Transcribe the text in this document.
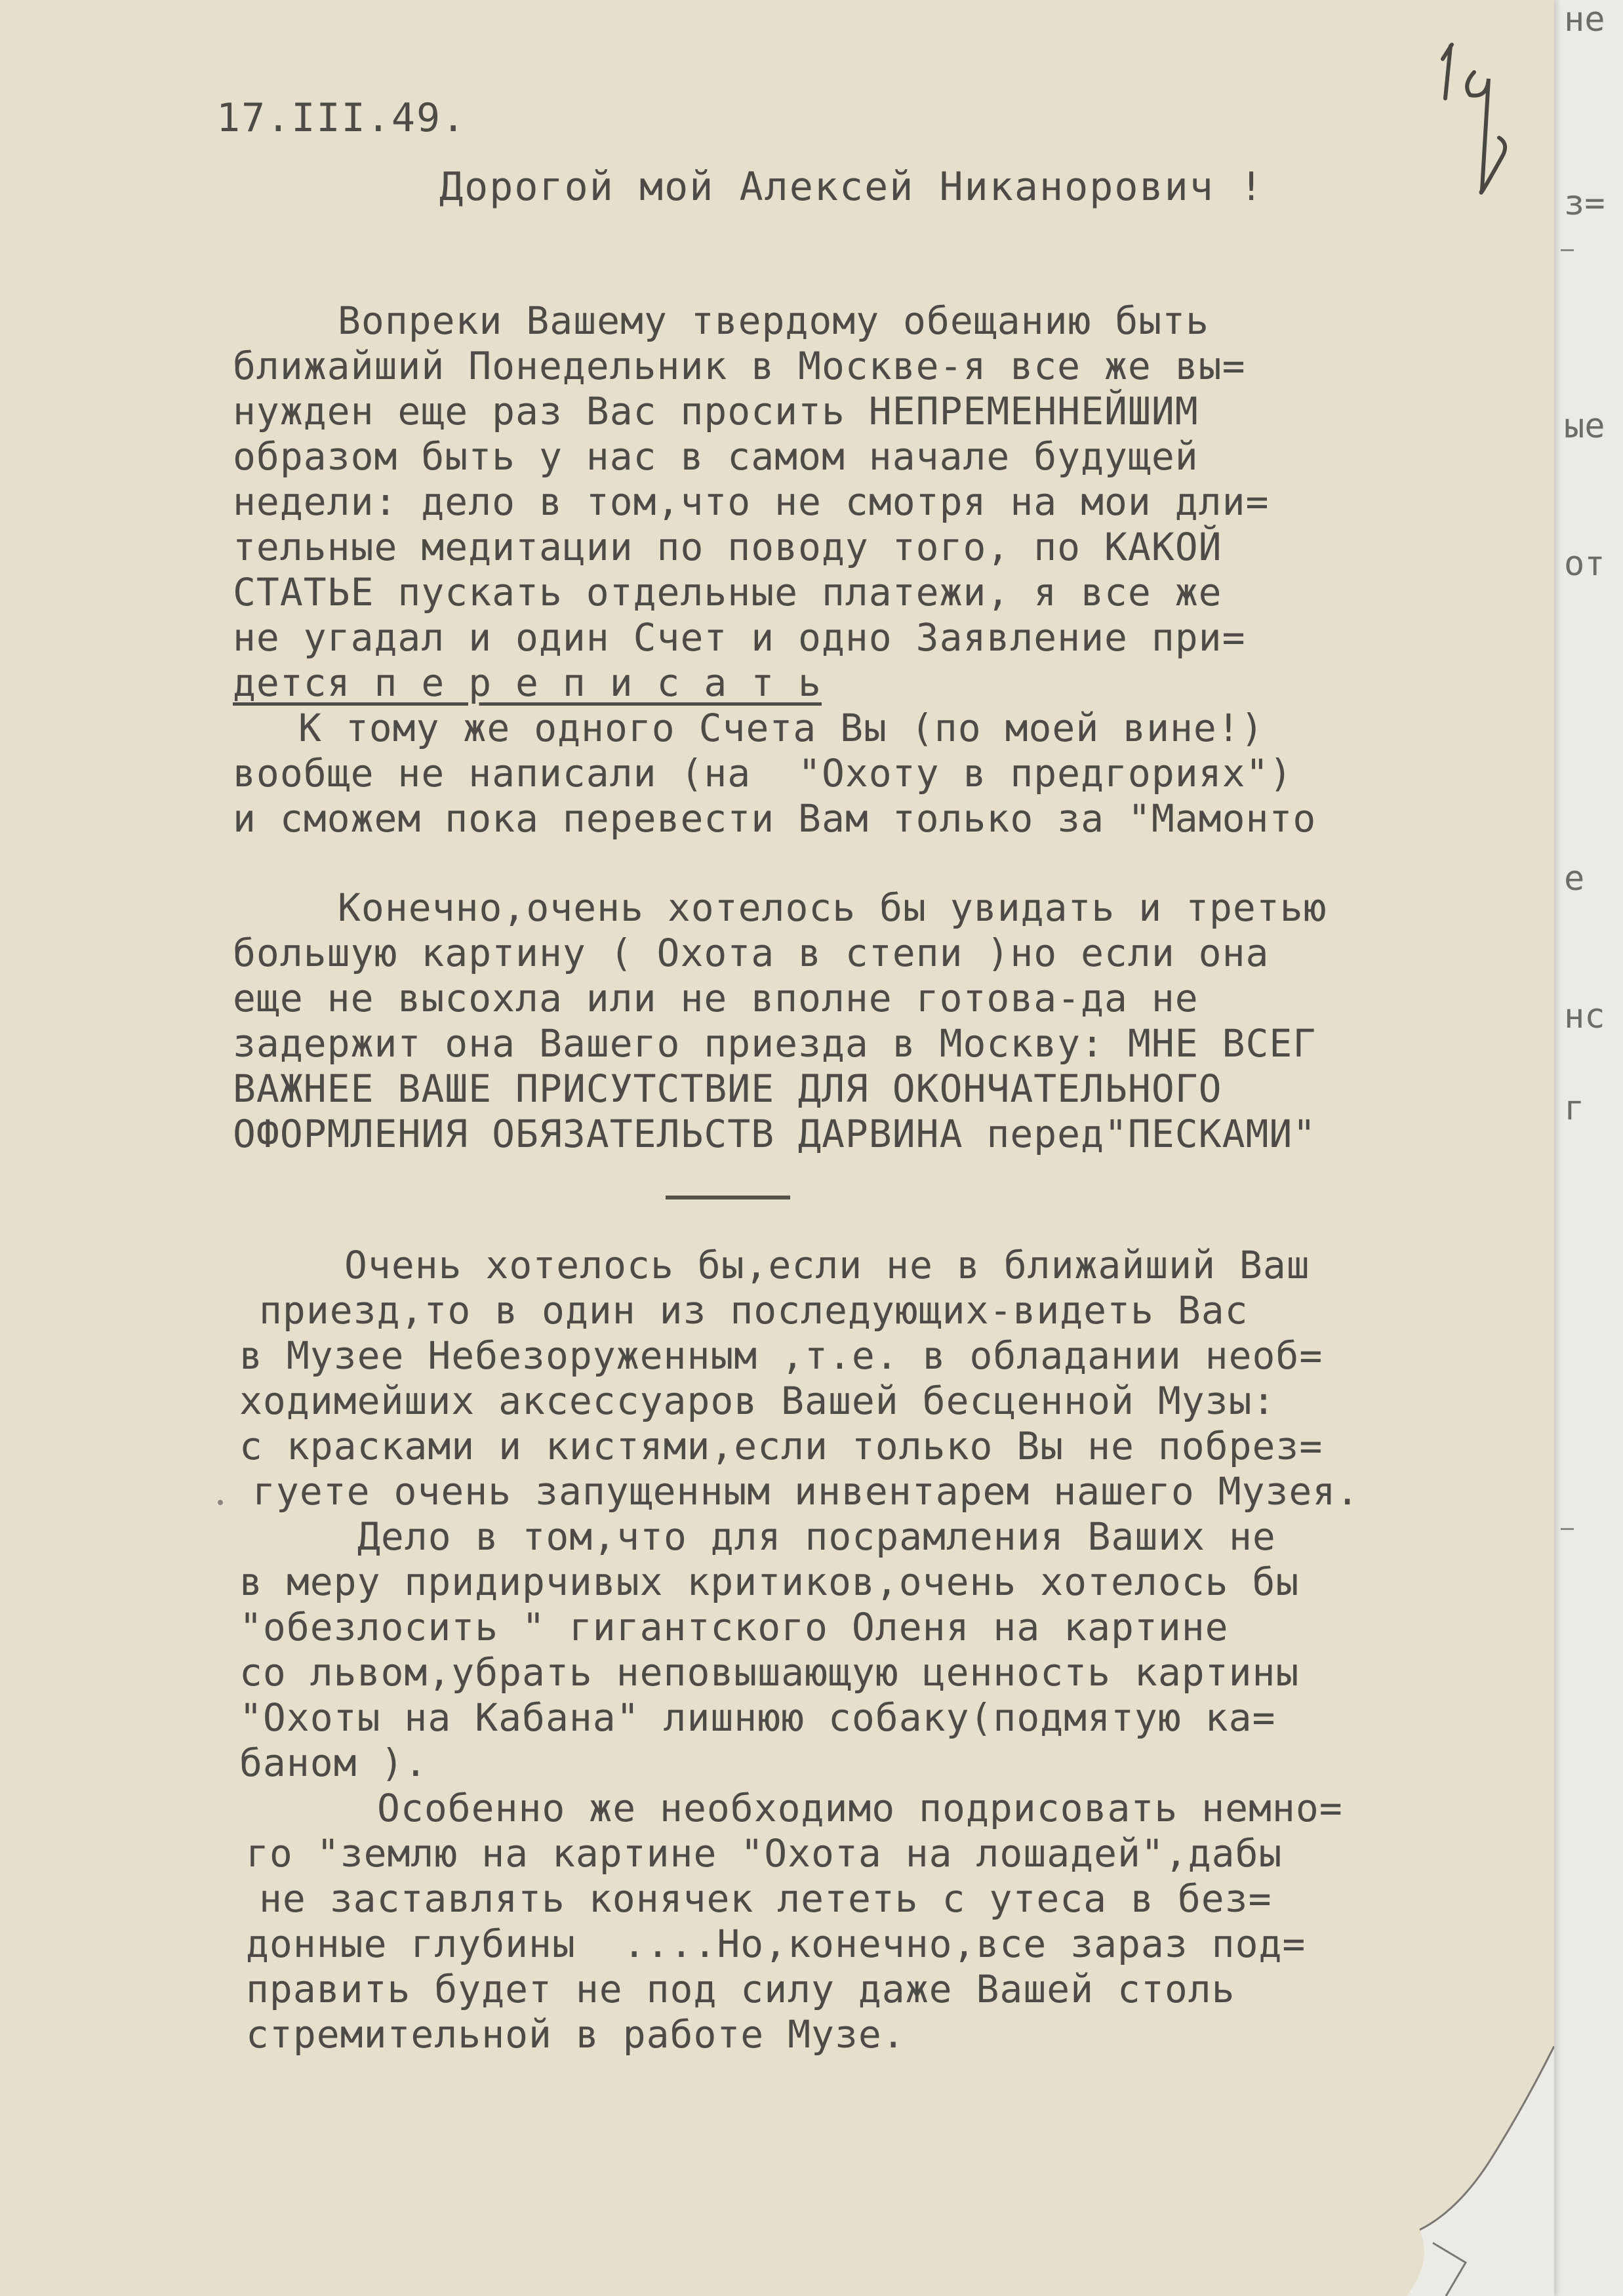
не
з=
ые
от
е
нс
г
17.III.49.
Дорогой мой Алексей Никанорович !
Вопреки Вашему твердому обещанию быть
ближайший Понедельник в Москве-я все же вы=
нужден еще раз Вас просить НЕПРЕМЕННЕЙШИМ
образом быть у нас в самом начале будущей
недели: дело в том,что не смотря на мои дли=
тельные медитации по поводу того, по КАКОЙ
СТАТЬЕ пускать отдельные платежи, я все же
не угадал и один Счет и одно Заявление при=
дется п е р е п и с а т ь
К тому же одного Счета Вы (по моей вине!)
вообще не написали (на  "Охоту в предгориях")
и сможем пока перевести Вам только за "Мамонто
Конечно,очень хотелось бы увидать и третью
большую картину ( Охота в степи )но если она
еще не высохла или не вполне готова-да не
задержит она Вашего приезда в Москву: МНЕ ВСЕГ
ВАЖНЕЕ ВАШЕ ПРИСУТСТВИЕ ДЛЯ ОКОНЧАТЕЛЬНОГО
ОФОРМЛЕНИЯ ОБЯЗАТЕЛЬСТВ ДАРВИНА перед"ПЕСКАМИ"
Очень хотелось бы,если не в ближайший Ваш
приезд,то в один из последующих-видеть Вас
в Музее Небезоруженным ,т.е. в обладании необ=
ходимейших аксессуаров Вашей бесценной Музы:
с красками и кистями,если только Вы не побрез=
гуете очень запущенным инвентарем нашего Музея.
Дело в том,что для посрамления Ваших не
в меру придирчивых критиков,очень хотелось бы
"обезлосить " гигантского Оленя на картине
со львом,убрать неповышающую ценность картины
"Охоты на Кабана" лишнюю собаку(подмятую ка=
баном ).
Особенно же необходимо подрисовать немно=
го "землю на картине "Охота на лошадей",дабы
не заставлять конячек лететь с утеса в без=
донные глубины  ....Но,конечно,все зараз под=
править будет не под силу даже Вашей столь
стремительной в работе Музе.
